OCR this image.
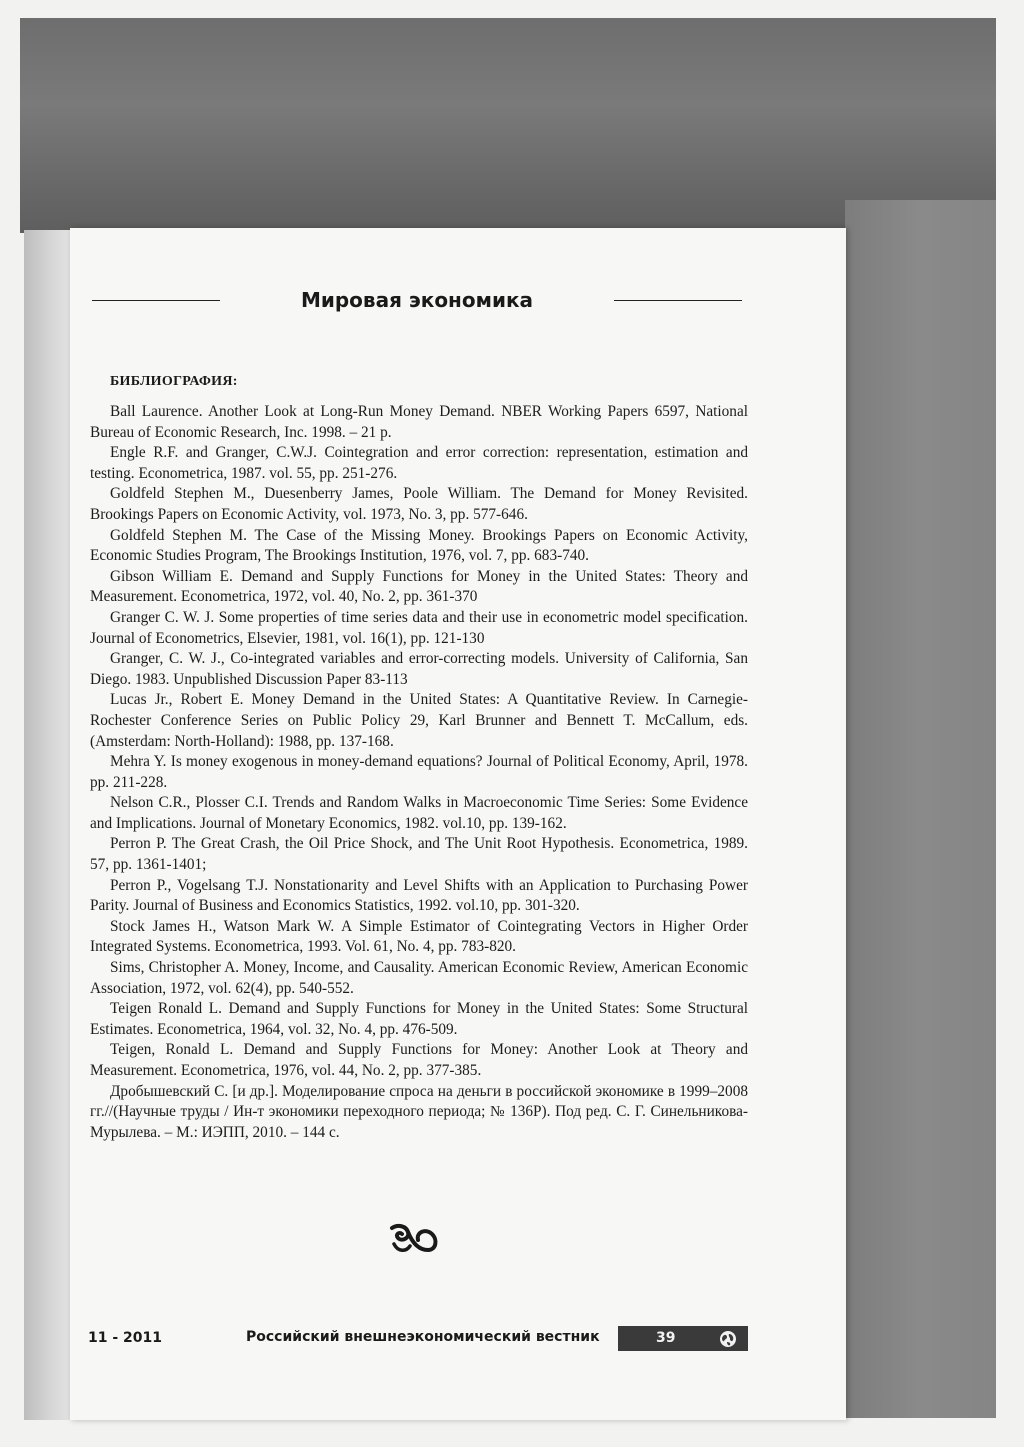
Мировая экономика
БИБЛИОГРАФИЯ:

Ball Laurence. Another Look at Long-Run Money Demand. NBER Working Papers 6597, National Bureau of Economic Research, Inc. 1998. – 21 p.

Engle R.F. and Granger, C.W.J. Cointegration and error correction: representation, estimation and testing. Econometrica, 1987. vol. 55, pp. 251-276.

Goldfeld Stephen M., Duesenberry James, Poole William. The Demand for Money Revisited. Brookings Papers on Economic Activity, vol. 1973, No. 3, pp. 577-646.

Goldfeld Stephen M. The Case of the Missing Money. Brookings Papers on Economic Activity, Economic Studies Program, The Brookings Institution, 1976, vol. 7, pp. 683-740.

Gibson William E. Demand and Supply Functions for Money in the United States: Theory and Measurement. Econometrica, 1972, vol. 40, No. 2, pp. 361-370

Granger C. W. J. Some properties of time series data and their use in econometric model specification. Journal of Econometrics, Elsevier, 1981, vol. 16(1), pp. 121-130

Granger, C. W. J., Co-integrated variables and error-correcting models. University of California, San Diego. 1983. Unpublished Discussion Paper 83-113

Lucas Jr., Robert E. Money Demand in the United States: A Quantitative Review. In Carnegie-Rochester Conference Series on Public Policy 29, Karl Brunner and Bennett T. McCallum, eds. (Amsterdam: North-Holland): 1988, pp. 137-168.

Mehra Y. Is money exogenous in money-demand equations? Journal of Political Economy, April, 1978. pp. 211-228.

Nelson C.R., Plosser C.I. Trends and Random Walks in Macroeconomic Time Series: Some Evidence and Implications. Journal of Monetary Economics, 1982. vol.10, pp. 139-162.

Perron P. The Great Crash, the Oil Price Shock, and The Unit Root Hypothesis. Econometrica, 1989. 57, pp. 1361-1401;

Perron P., Vogelsang T.J. Nonstationarity and Level Shifts with an Application to Purchasing Power Parity. Journal of Business and Economics Statistics, 1992. vol.10, pp. 301-320.

Stock James H., Watson Mark W. A Simple Estimator of Cointegrating Vectors in Higher Order Integrated Systems. Econometrica, 1993. Vol. 61, No. 4, pp. 783-820.

Sims, Christopher A. Money, Income, and Causality. American Economic Review, American Economic Association, 1972, vol. 62(4), pp. 540-552.

Teigen Ronald L. Demand and Supply Functions for Money in the United States: Some Structural Estimates. Econometrica, 1964, vol. 32, No. 4, pp. 476-509.

Teigen, Ronald L. Demand and Supply Functions for Money: Another Look at Theory and Measurement. Econometrica, 1976, vol. 44, No. 2, pp. 377-385.

Дробышевский С. [и др.]. Моделирование спроса на деньги в российской экономике в 1999–2008 гг.//(Научные труды / Ин-т экономики переходного периода; № 136Р). Под ред. С. Г. Синельникова-Мурылева. – М.: ИЭПП, 2010. – 144 с.

11 - 2011	Российский внешнеэкономический вестник	39
